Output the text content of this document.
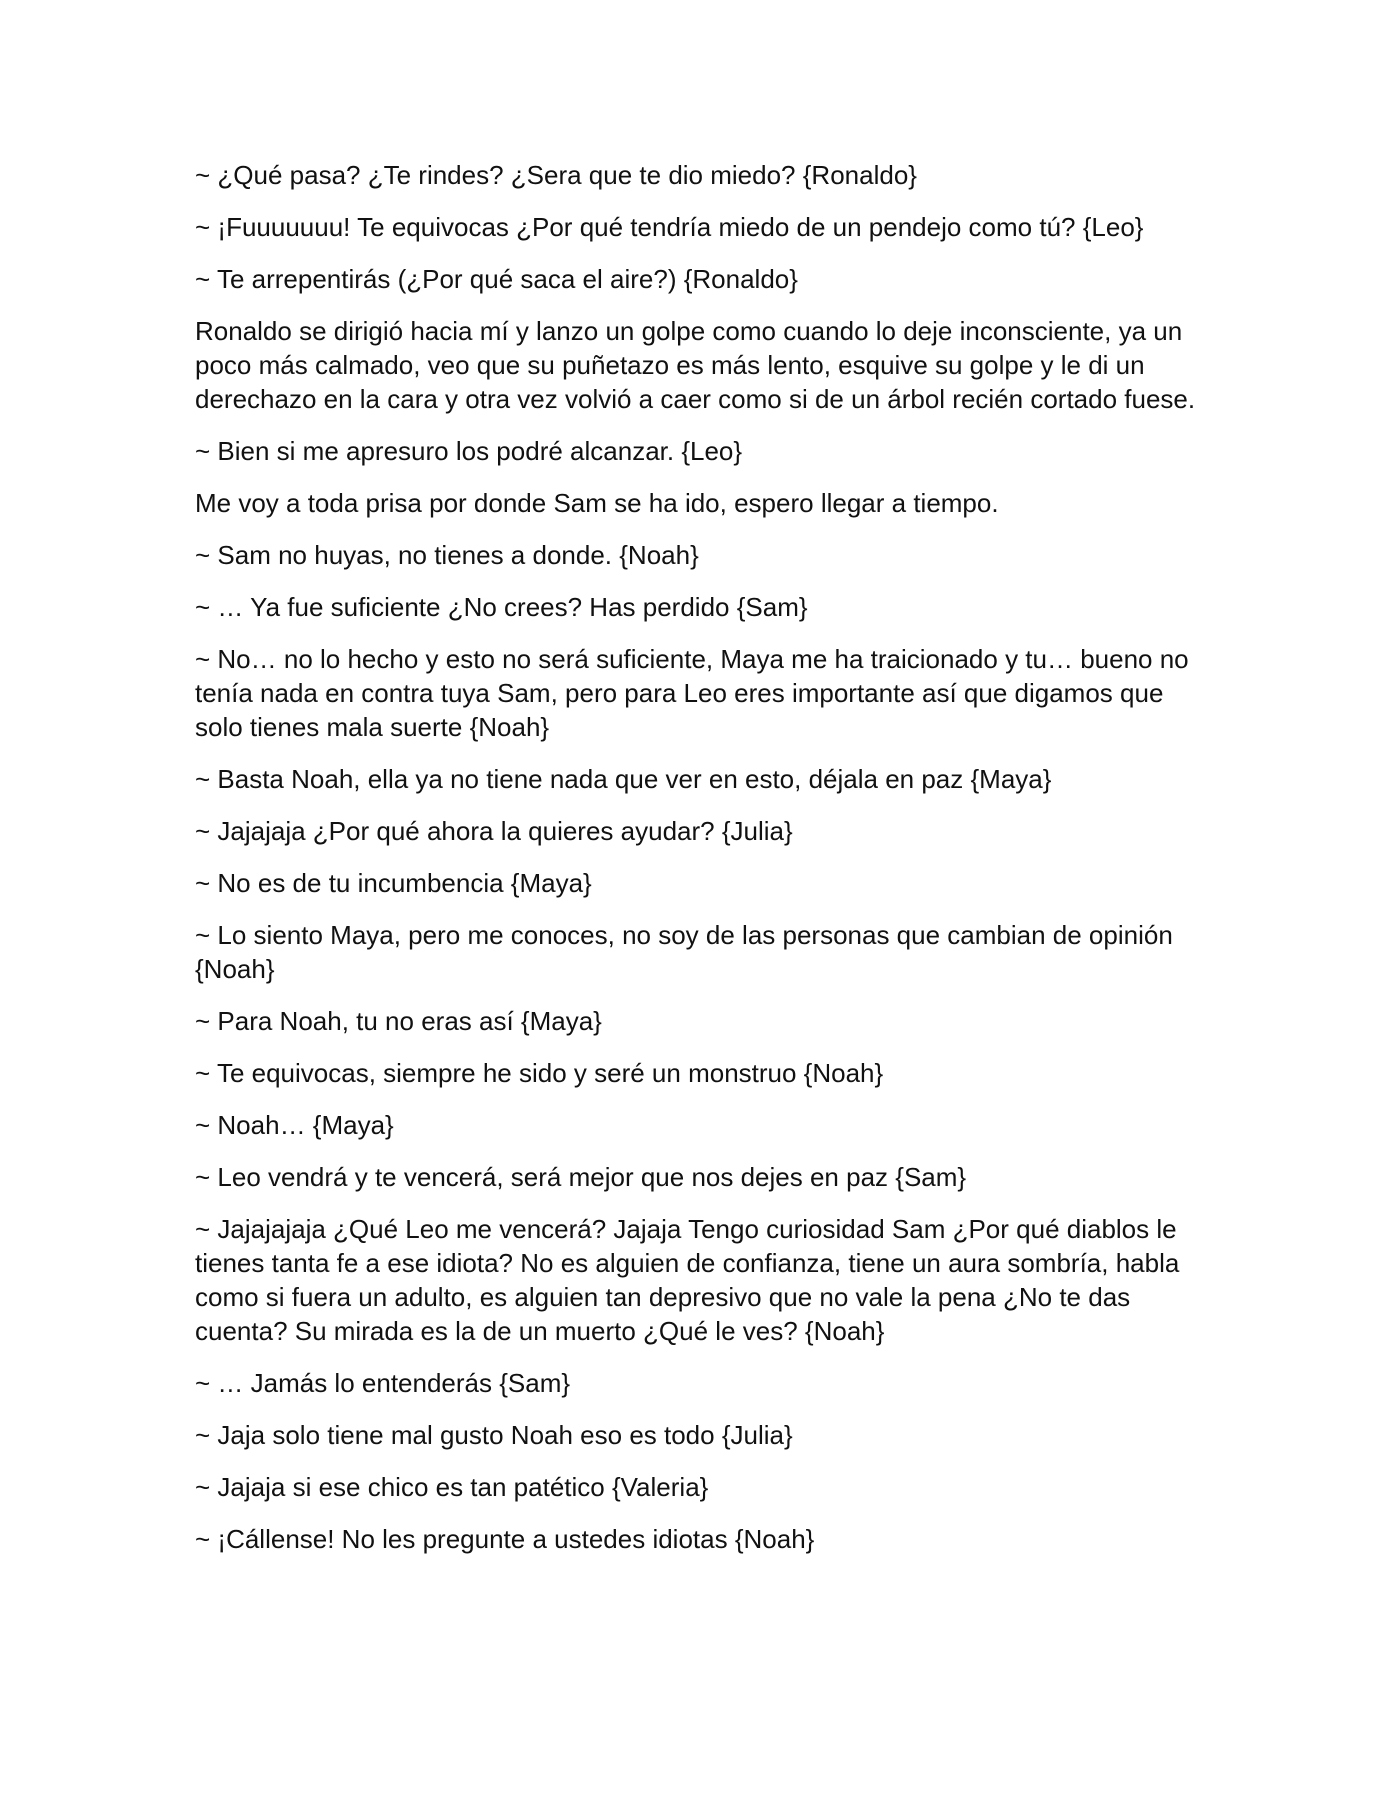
~ ¿Qué pasa? ¿Te rindes? ¿Sera que te dio miedo? {Ronaldo}

~ ¡Fuuuuuuu! Te equivocas ¿Por qué tendría miedo de un pendejo como tú? {Leo}

~ Te arrepentirás (¿Por qué saca el aire?) {Ronaldo}

Ronaldo se dirigió hacia mí y lanzo un golpe como cuando lo deje inconsciente, ya un poco más calmado, veo que su puñetazo es más lento, esquive su golpe y le di un derechazo en la cara y otra vez volvió a caer como si de un árbol recién cortado fuese.

~ Bien si me apresuro los podré alcanzar. {Leo}

Me voy a toda prisa por donde Sam se ha ido, espero llegar a tiempo.

~ Sam no huyas, no tienes a donde. {Noah}

~ … Ya fue suficiente ¿No crees? Has perdido {Sam}

~ No… no lo hecho y esto no será suficiente, Maya me ha traicionado y tu… bueno no tenía nada en contra tuya Sam, pero para Leo eres importante así que digamos que solo tienes mala suerte {Noah}

~ Basta Noah, ella ya no tiene nada que ver en esto, déjala en paz {Maya}

~ Jajajaja ¿Por qué ahora la quieres ayudar? {Julia}

~ No es de tu incumbencia {Maya}

~ Lo siento Maya, pero me conoces, no soy de las personas que cambian de opinión {Noah}

~ Para Noah, tu no eras así {Maya}

~ Te equivocas, siempre he sido y seré un monstruo {Noah}

~ Noah… {Maya}

~ Leo vendrá y te vencerá, será mejor que nos dejes en paz {Sam}

~ Jajajajaja ¿Qué Leo me vencerá? Jajaja Tengo curiosidad Sam ¿Por qué diablos le tienes tanta fe a ese idiota? No es alguien de confianza, tiene un aura sombría, habla como si fuera un adulto, es alguien tan depresivo que no vale la pena ¿No te das cuenta? Su mirada es la de un muerto ¿Qué le ves? {Noah}

~ … Jamás lo entenderás {Sam}

~ Jaja solo tiene mal gusto Noah eso es todo {Julia}

~ Jajaja si ese chico es tan patético {Valeria}

~ ¡Cállense! No les pregunte a ustedes idiotas {Noah}
